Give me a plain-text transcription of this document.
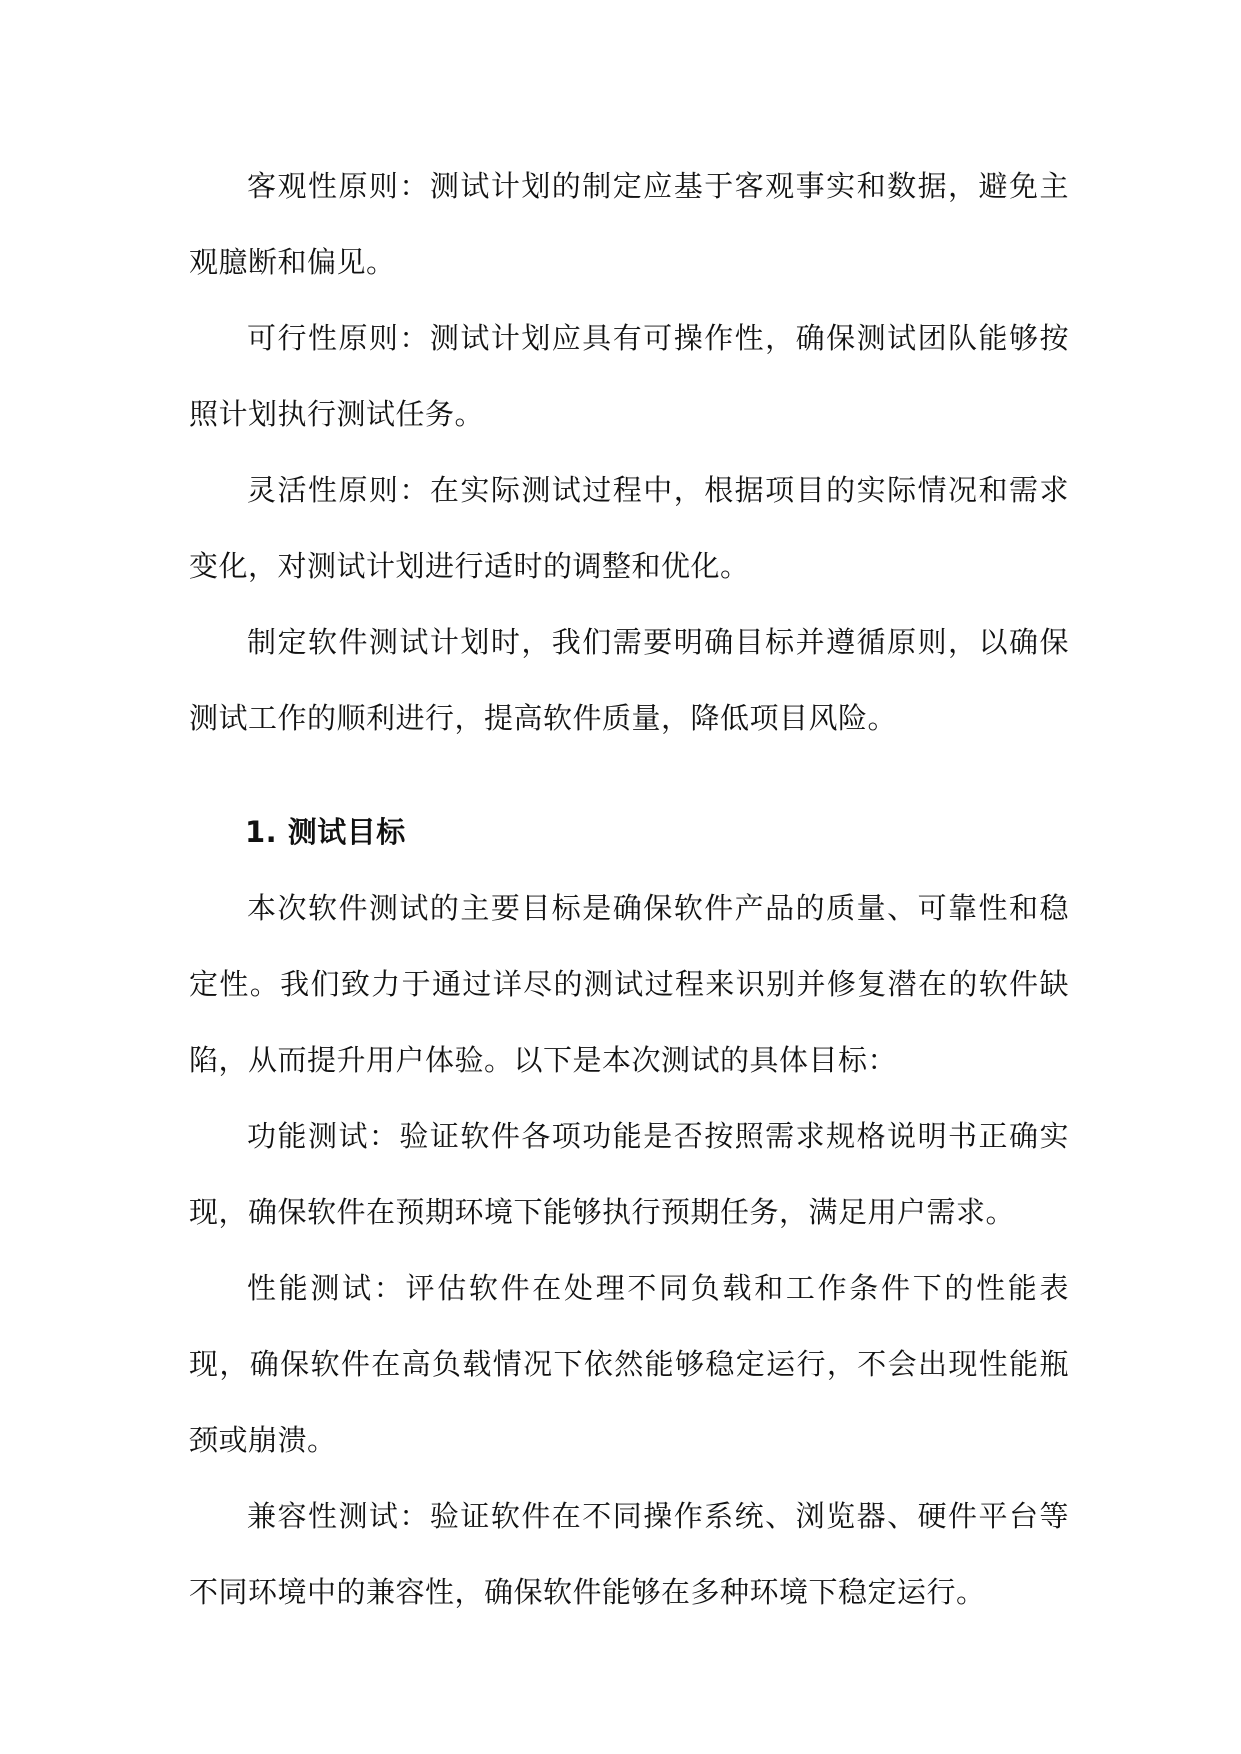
客观性原则：测试计划的制定应基于客观事实和数据，避免主观臆断和偏见。

可行性原则：测试计划应具有可操作性，确保测试团队能够按照计划执行测试任务。

灵活性原则：在实际测试过程中，根据项目的实际情况和需求变化，对测试计划进行适时的调整和优化。

制定软件测试计划时，我们需要明确目标并遵循原则，以确保测试工作的顺利进行，提高软件质量，降低项目风险。

1. 测试目标

本次软件测试的主要目标是确保软件产品的质量、可靠性和稳定性。我们致力于通过详尽的测试过程来识别并修复潜在的软件缺陷，从而提升用户体验。以下是本次测试的具体目标：

功能测试：验证软件各项功能是否按照需求规格说明书正确实现，确保软件在预期环境下能够执行预期任务，满足用户需求。

性能测试：评估软件在处理不同负载和工作条件下的性能表现，确保软件在高负载情况下依然能够稳定运行，不会出现性能瓶颈或崩溃。

兼容性测试：验证软件在不同操作系统、浏览器、硬件平台等不同环境中的兼容性，确保软件能够在多种环境下稳定运行。
